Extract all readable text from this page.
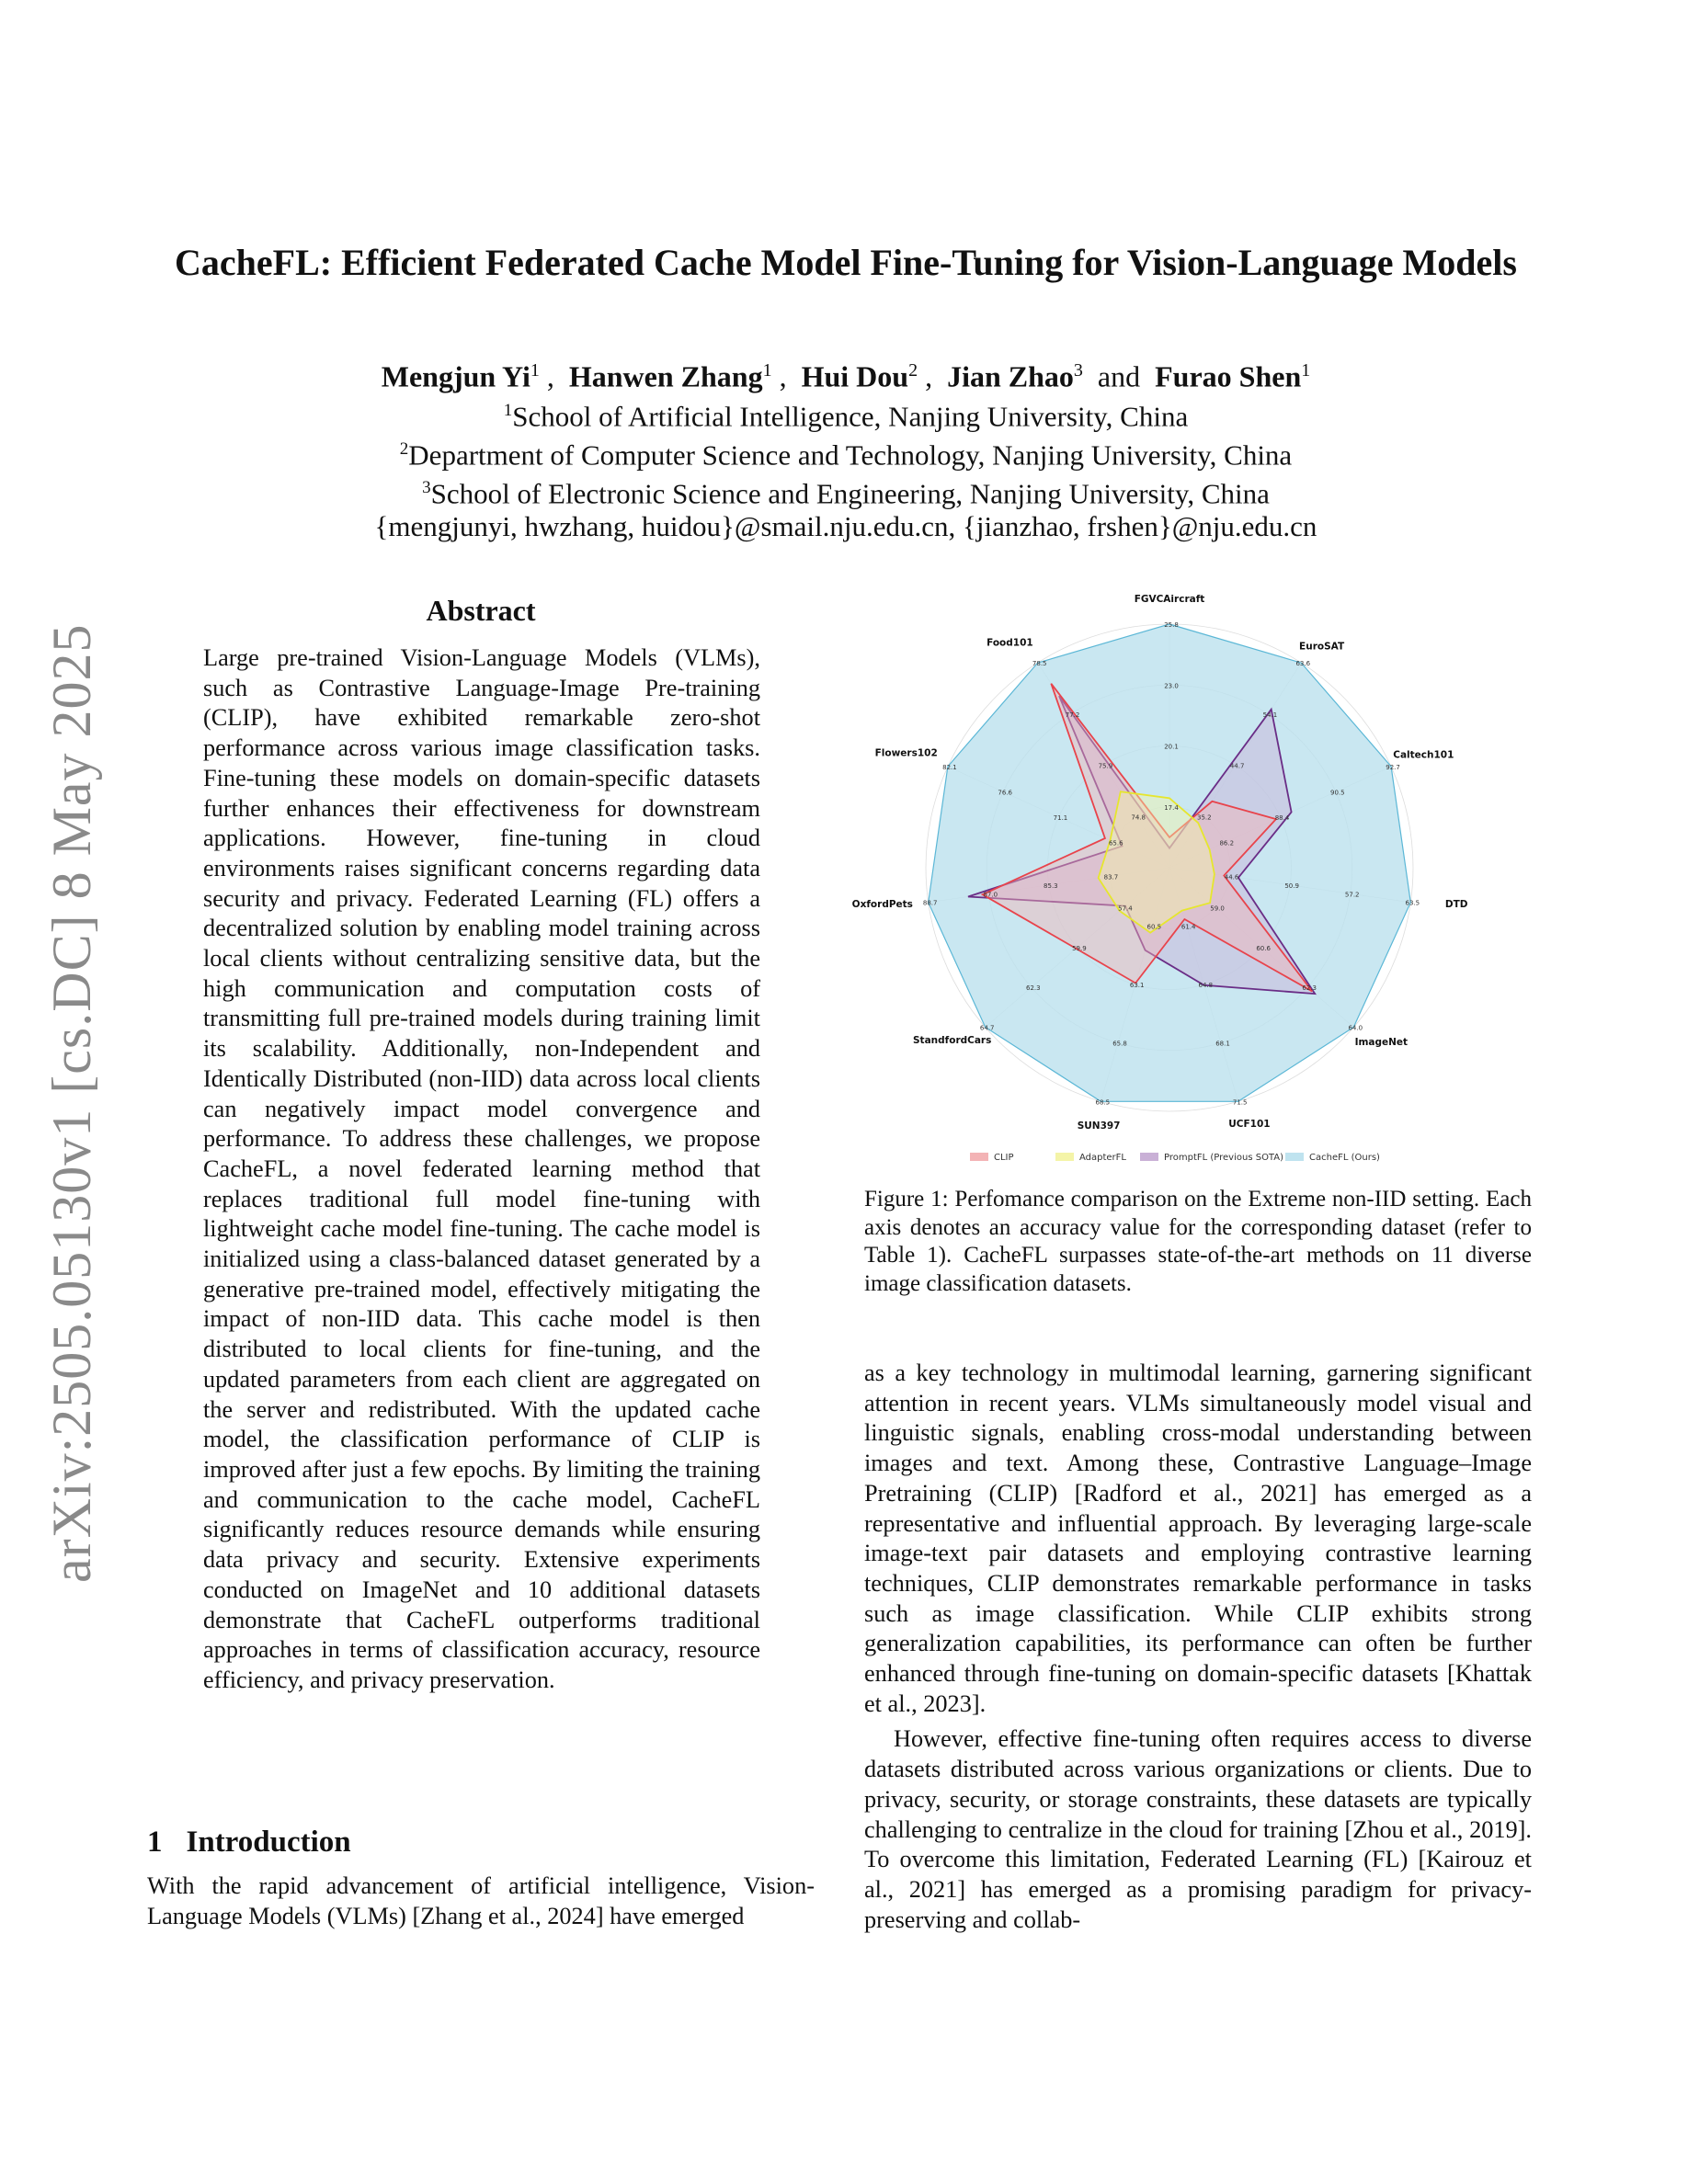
arXiv:2505.05130v1 [cs.DC] 8 May 2025
CacheFL: Efficient Federated Cache Model Fine-Tuning for Vision-Language Models
Mengjun Yi$^1$ ,  Hanwen Zhang$^1$ ,  Hui Dou$^2$ ,  Jian Zhao$^3$ and Furao Shen$^1$
$^1$School of Artificial Intelligence, Nanjing University, China
$^2$Department of Computer Science and Technology, Nanjing University, China
$^3$School of Electronic Science and Engineering, Nanjing University, China
{mengjunyi, hwzhang, huidou}@smail.nju.edu.cn, {jianzhao, frshen}@nju.edu.cn
Abstract
Large pre-trained Vision-Language Models (VLMs), such as Contrastive Language-Image Pre-training (CLIP), have exhibited remarkable zero-shot performance across various image classification tasks. Fine-tuning these models on domain-specific datasets further enhances their effectiveness for downstream applications. However, fine-tuning in cloud environments raises significant concerns regarding data security and privacy. Federated Learning (FL) offers a decentralized solution by enabling model training across local clients without centralizing sensitive data, but the high communication and computation costs of transmitting full pre-trained models during training limit its scalability. Additionally, non-Independent and Identically Distributed (non-IID) data across local clients can negatively impact model convergence and performance. To address these challenges, we propose CacheFL, a novel federated learning method that replaces traditional full model fine-tuning with lightweight cache model fine-tuning. The cache model is initialized using a class-balanced dataset generated by a generative pre-trained model, effectively mitigating the impact of non-IID data. This cache model is then distributed to local clients for fine-tuning, and the updated parameters from each client are aggregated on the server and redistributed. With the updated cache model, the classification performance of CLIP is improved after just a few epochs. By limiting the training and communication to the cache model, CacheFL significantly reduces resource demands while ensuring data privacy and security. Extensive experiments conducted on ImageNet and 10 additional datasets demonstrate that CacheFL outperforms traditional approaches in terms of classification accuracy, resource efficiency, and privacy preservation.
1 Introduction
With the rapid advancement of artificial intelligence, Vision-Language Models (VLMs) [Zhang et al., 2024] have emerged
17.4
20.1
23.0
25.8
35.2
44.7
54.1
63.6
86.2
88.4
90.5
92.7
44.6
50.9
57.2
63.5
59.0
60.6
62.3
64.0
61.4
64.8
68.1
71.5
60.5
63.1
65.8
68.5
57.4
59.9
62.3
64.7
83.7
85.3
87.0
88.7
65.6
71.1
76.6
82.1
74.8
75.9
77.2
78.5
FGVCAircraft
EuroSAT
Caltech101
DTD
ImageNet
UCF101
SUN397
StandfordCars
OxfordPets
Flowers102
Food101
CLIP	AdapterFL	PromptFL (Previous SOTA)	CacheFL (Ours)
Figure 1: Perfomance comparison on the Extreme non-IID setting. Each axis denotes an accuracy value for the corresponding dataset (refer to Table 1). CacheFL surpasses state-of-the-art methods on 11 diverse image classification datasets.

as a key technology in multimodal learning, garnering significant attention in recent years. VLMs simultaneously model visual and linguistic signals, enabling cross-modal understanding between images and text. Among these, Contrastive Language–Image Pretraining (CLIP) [Radford et al., 2021] has emerged as a representative and influential approach. By leveraging large-scale image-text pair datasets and employing contrastive learning techniques, CLIP demonstrates remarkable performance in tasks such as image classification. While CLIP exhibits strong generalization capabilities, its performance can often be further enhanced through fine-tuning on domain-specific datasets [Khattak et al., 2023].

However, effective fine-tuning often requires access to diverse datasets distributed across various organizations or clients. Due to privacy, security, or storage constraints, these datasets are typically challenging to centralize in the cloud for training [Zhou et al., 2019]. To overcome this limitation, Federated Learning (FL) [Kairouz et al., 2021] has emerged as a promising paradigm for privacy-preserving and collab-
